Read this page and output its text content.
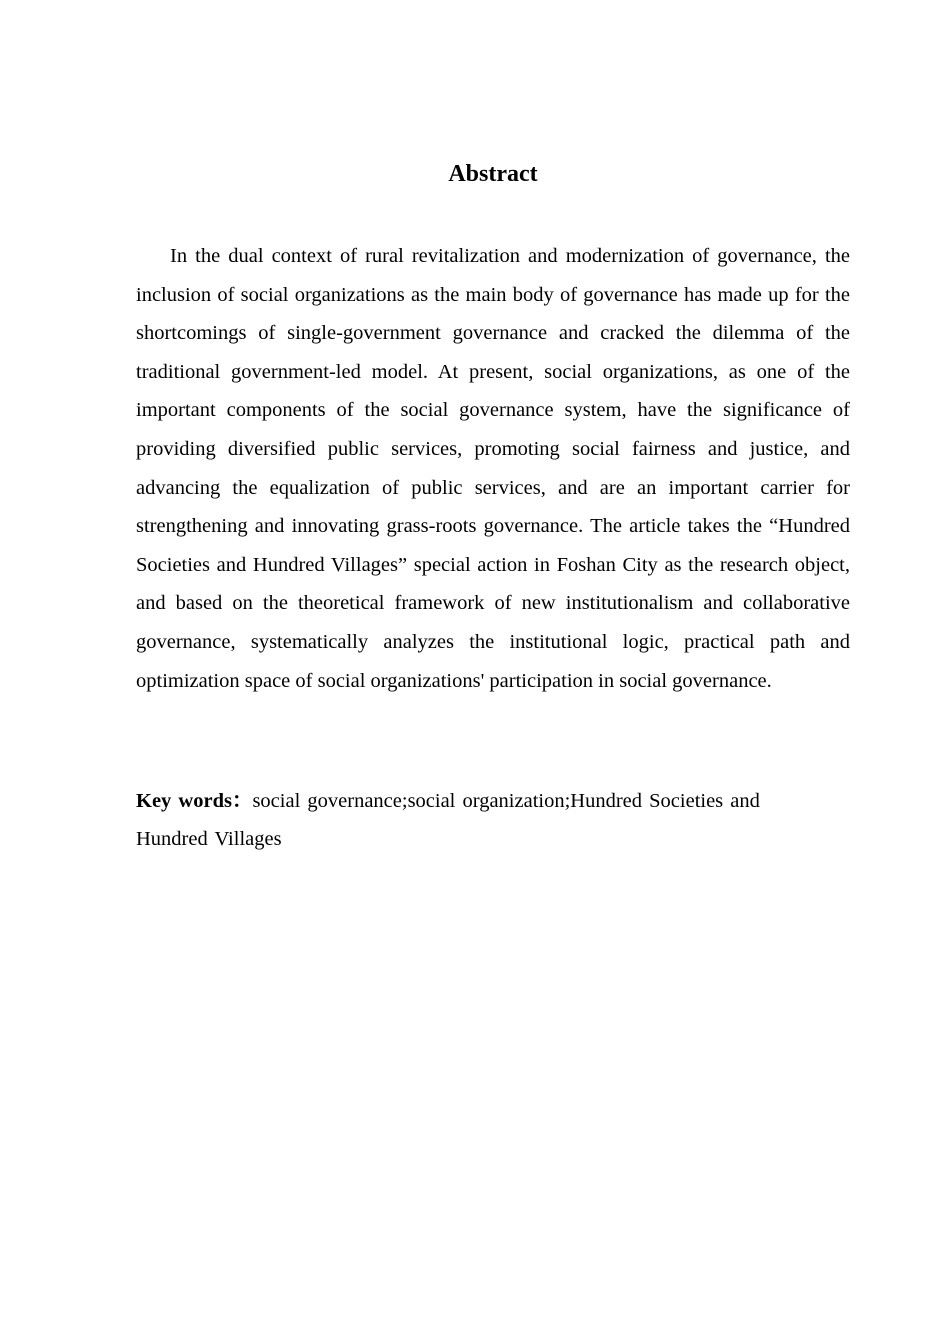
Abstract

In the dual context of rural revitalization and modernization of governance, the inclusion of social organizations as the main body of governance has made up for the shortcomings of single-government governance and cracked the dilemma of the traditional government-led model. At present, social organizations, as one of the important components of the social governance system, have the significance of providing diversified public services, promoting social fairness and justice, and advancing the equalization of public services, and are an important carrier for strengthening and innovating grass-roots governance. The article takes the “Hundred Societies and Hundred Villages” special action in Foshan City as the research object, and based on the theoretical framework of new institutionalism and collaborative governance, systematically analyzes the institutional logic, practical path and optimization space of social organizations' participation in social governance.

Key words：social governance;social organization;Hundred Societies and Hundred Villages
